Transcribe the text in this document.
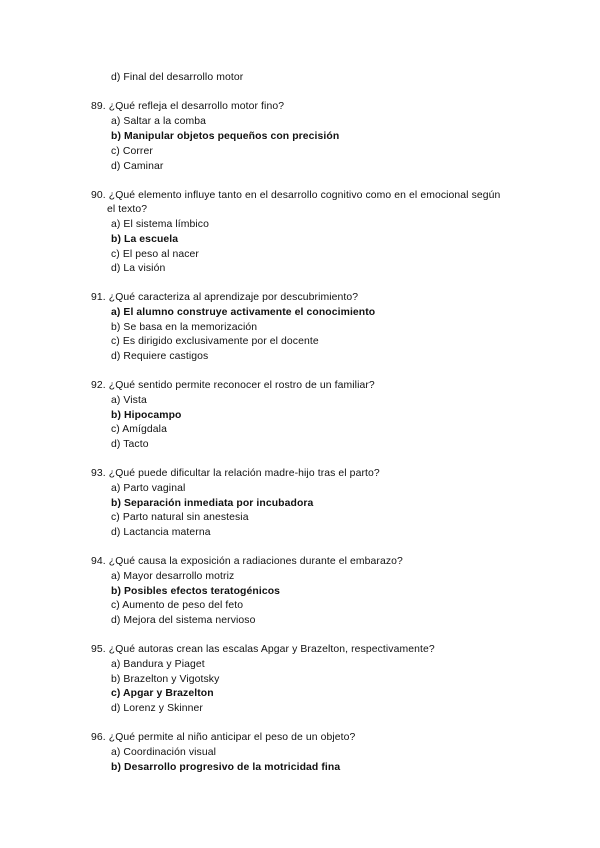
d) Final del desarrollo motor
89. ¿Qué refleja el desarrollo motor fino?
a) Saltar a la comba
b) Manipular objetos pequeños con precisión
c) Correr
d) Caminar
90. ¿Qué elemento influye tanto en el desarrollo cognitivo como en el emocional según
el texto?
a) El sistema límbico
b) La escuela
c) El peso al nacer
d) La visión
91. ¿Qué caracteriza al aprendizaje por descubrimiento?
a) El alumno construye activamente el conocimiento
b) Se basa en la memorización
c) Es dirigido exclusivamente por el docente
d) Requiere castigos
92. ¿Qué sentido permite reconocer el rostro de un familiar?
a) Vista
b) Hipocampo
c) Amígdala
d) Tacto
93. ¿Qué puede dificultar la relación madre-hijo tras el parto?
a) Parto vaginal
b) Separación inmediata por incubadora
c) Parto natural sin anestesia
d) Lactancia materna
94. ¿Qué causa la exposición a radiaciones durante el embarazo?
a) Mayor desarrollo motriz
b) Posibles efectos teratogénicos
c) Aumento de peso del feto
d) Mejora del sistema nervioso
95. ¿Qué autoras crean las escalas Apgar y Brazelton, respectivamente?
a) Bandura y Piaget
b) Brazelton y Vigotsky
c) Apgar y Brazelton
d) Lorenz y Skinner
96. ¿Qué permite al niño anticipar el peso de un objeto?
a) Coordinación visual
b) Desarrollo progresivo de la motricidad fina
